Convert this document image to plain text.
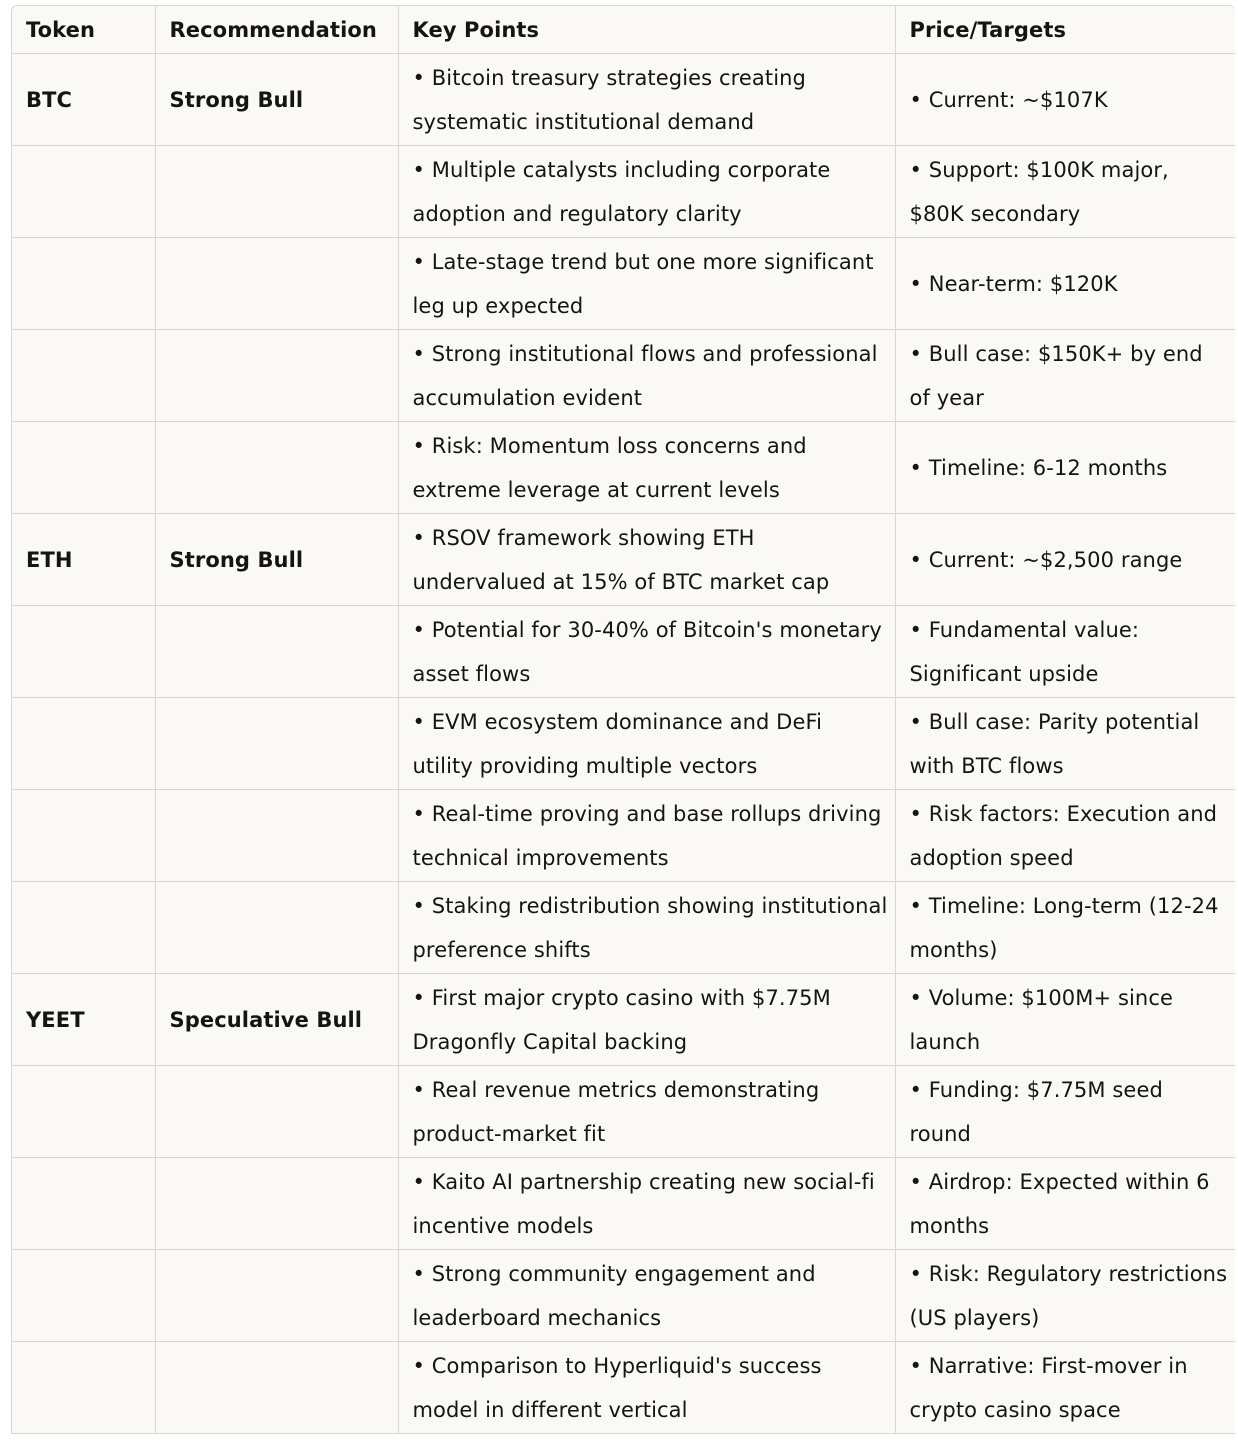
Token	Recommendation	Key Points	Price/Targets
BTC	Strong Bull	• Bitcoin treasury strategies creating systematic institutional demand	• Current: ~$107K
		• Multiple catalysts including corporate adoption and regulatory clarity	• Support: $100K major, $80K secondary
		• Late-stage trend but one more significant leg up expected	• Near-term: $120K
		• Strong institutional flows and professional accumulation evident	• Bull case: $150K+ by end of year
		• Risk: Momentum loss concerns and extreme leverage at current levels	• Timeline: 6-12 months
ETH	Strong Bull	• RSOV framework showing ETH undervalued at 15% of BTC market cap	• Current: ~$2,500 range
		• Potential for 30-40% of Bitcoin's monetary asset flows	• Fundamental value: Significant upside
		• EVM ecosystem dominance and DeFi utility providing multiple vectors	• Bull case: Parity potential with BTC flows
		• Real-time proving and base rollups driving technical improvements	• Risk factors: Execution and adoption speed
		• Staking redistribution showing institutional preference shifts	• Timeline: Long-term (12-24 months)
YEET	Speculative Bull	• First major crypto casino with $7.75M Dragonfly Capital backing	• Volume: $100M+ since launch
		• Real revenue metrics demonstrating product-market fit	• Funding: $7.75M seed round
		• Kaito AI partnership creating new social-fi incentive models	• Airdrop: Expected within 6 months
		• Strong community engagement and leaderboard mechanics	• Risk: Regulatory restrictions (US players)
		• Comparison to Hyperliquid's success model in different vertical	• Narrative: First-mover in crypto casino space
